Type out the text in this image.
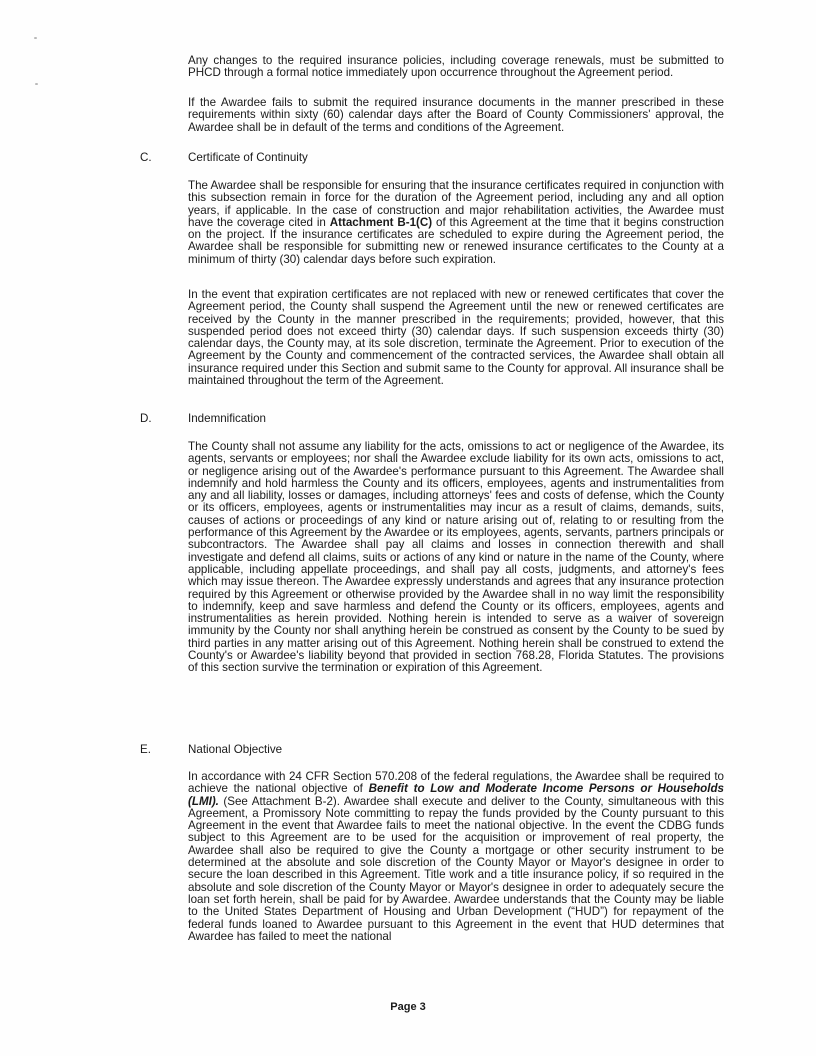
Any changes to the required insurance policies, including coverage renewals, must be submitted to PHCD through a formal notice immediately upon occurrence throughout the Agreement period.

If the Awardee fails to submit the required insurance documents in the manner prescribed in these requirements within sixty (60) calendar days after the Board of County Commissioners' approval, the Awardee shall be in default of the terms and conditions of the Agreement.

C.	Certificate of Continuity

The Awardee shall be responsible for ensuring that the insurance certificates required in conjunction with this subsection remain in force for the duration of the Agreement period, including any and all option years, if applicable. In the case of construction and major rehabilitation activities, the Awardee must have the coverage cited in Attachment B-1(C) of this Agreement at the time that it begins construction on the project. If the insurance certificates are scheduled to expire during the Agreement period, the Awardee shall be responsible for submitting new or renewed insurance certificates to the County at a minimum of thirty (30) calendar days before such expiration.

In the event that expiration certificates are not replaced with new or renewed certificates that cover the Agreement period, the County shall suspend the Agreement until the new or renewed certificates are received by the County in the manner prescribed in the requirements; provided, however, that this suspended period does not exceed thirty (30) calendar days. If such suspension exceeds thirty (30) calendar days, the County may, at its sole discretion, terminate the Agreement. Prior to execution of the Agreement by the County and commencement of the contracted services, the Awardee shall obtain all insurance required under this Section and submit same to the County for approval. All insurance shall be maintained throughout the term of the Agreement.

D.	Indemnification

The County shall not assume any liability for the acts, omissions to act or negligence of the Awardee, its agents, servants or employees; nor shall the Awardee exclude liability for its own acts, omissions to act, or negligence arising out of the Awardee's performance pursuant to this Agreement. The Awardee shall indemnify and hold harmless the County and its officers, employees, agents and instrumentalities from any and all liability, losses or damages, including attorneys' fees and costs of defense, which the County or its officers, employees, agents or instrumentalities may incur as a result of claims, demands, suits, causes of actions or proceedings of any kind or nature arising out of, relating to or resulting from the performance of this Agreement by the Awardee or its employees, agents, servants, partners principals or subcontractors. The Awardee shall pay all claims and losses in connection therewith and shall investigate and defend all claims, suits or actions of any kind or nature in the name of the County, where applicable, including appellate proceedings, and shall pay all costs, judgments, and attorney's fees which may issue thereon. The Awardee expressly understands and agrees that any insurance protection required by this Agreement or otherwise provided by the Awardee shall in no way limit the responsibility to indemnify, keep and save harmless and defend the County or its officers, employees, agents and instrumentalities as herein provided. Nothing herein is intended to serve as a waiver of sovereign immunity by the County nor shall anything herein be construed as consent by the County to be sued by third parties in any matter arising out of this Agreement. Nothing herein shall be construed to extend the County's or Awardee's liability beyond that provided in section 768.28, Florida Statutes. The provisions of this section survive the termination or expiration of this Agreement.

E.	National Objective

In accordance with 24 CFR Section 570.208 of the federal regulations, the Awardee shall be required to achieve the national objective of Benefit to Low and Moderate Income Persons or Households (LMI). (See Attachment B-2). Awardee shall execute and deliver to the County, simultaneous with this Agreement, a Promissory Note committing to repay the funds provided by the County pursuant to this Agreement in the event that Awardee fails to meet the national objective. In the event the CDBG funds subject to this Agreement are to be used for the acquisition or improvement of real property, the Awardee shall also be required to give the County a mortgage or other security instrument to be determined at the absolute and sole discretion of the County Mayor or Mayor's designee in order to secure the loan described in this Agreement. Title work and a title insurance policy, if so required in the absolute and sole discretion of the County Mayor or Mayor's designee in order to adequately secure the loan set forth herein, shall be paid for by Awardee. Awardee understands that the County may be liable to the United States Department of Housing and Urban Development (“HUD”) for repayment of the federal funds loaned to Awardee pursuant to this Agreement in the event that HUD determines that Awardee has failed to meet the national

Page 3
